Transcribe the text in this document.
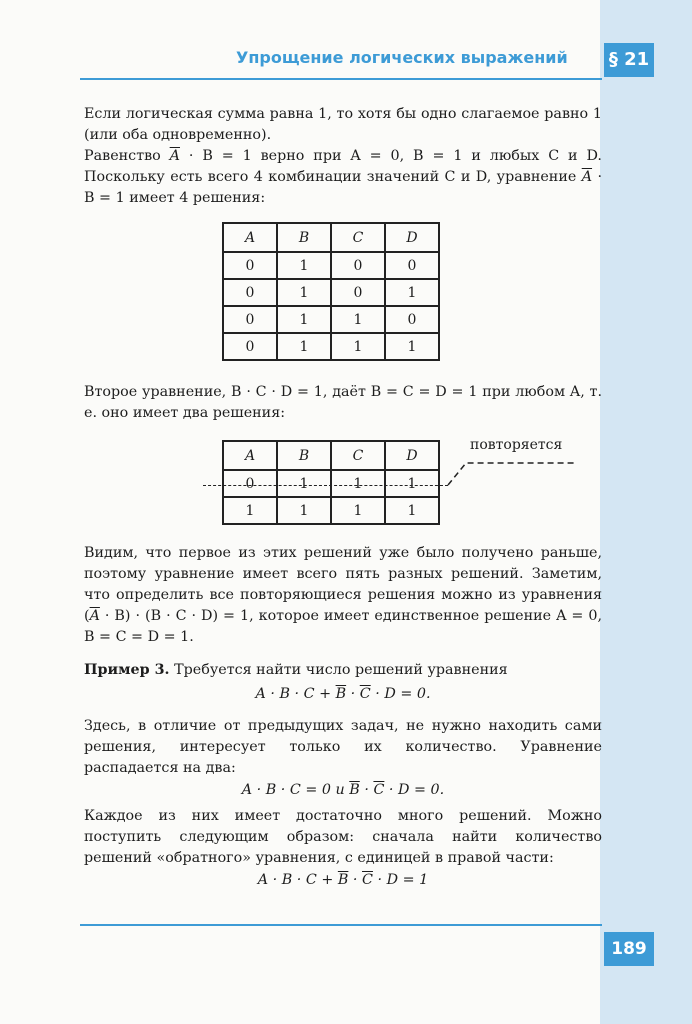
Упрощение логических выражений § 21
Если логическая сумма равна 1, то хотя бы одно слагаемое равно 1 (или оба одновременно).
Равенство $\overline{A} \cdot B = 1$ верно при A = 0, B = 1 и любых C и D. Поскольку есть всего 4 комбинации значений C и D, уравнение $\overline{A} \cdot B = 1$ имеет 4 решения:
A	B	C	D
0	1	0	0
0	1	0	1
0	1	1	0
0	1	1	1
Второе уравнение, B · C · D = 1, даёт B = C = D = 1 при любом A, т. е. оно имеет два решения:
A	B	C	D
0	1	1	1
1	1	1	1
повторяется
Видим, что первое из этих решений уже было получено раньше, поэтому уравнение имеет всего пять разных решений. Заметим, что определить все повторяющиеся решения можно из уравнения $(\overline{A} \cdot B) \cdot (B \cdot C \cdot D) = 1$, которое имеет единственное решение A = 0, B = C = D = 1.
Пример 3. Требуется найти число решений уравнения
$A \cdot B \cdot C + \overline{B} \cdot \overline{C} \cdot D = 0$.
Здесь, в отличие от предыдущих задач, не нужно находить сами решения, интересует только их количество. Уравнение распадается на два:
A · B · C = 0 и $\overline{B} \cdot \overline{C} \cdot D = 0$.
Каждое из них имеет достаточно много решений. Можно поступить следующим образом: сначала найти количество решений «обратного» уравнения, с единицей в правой части:
$A \cdot B \cdot C + \overline{B} \cdot \overline{C} \cdot D = 1$
189
